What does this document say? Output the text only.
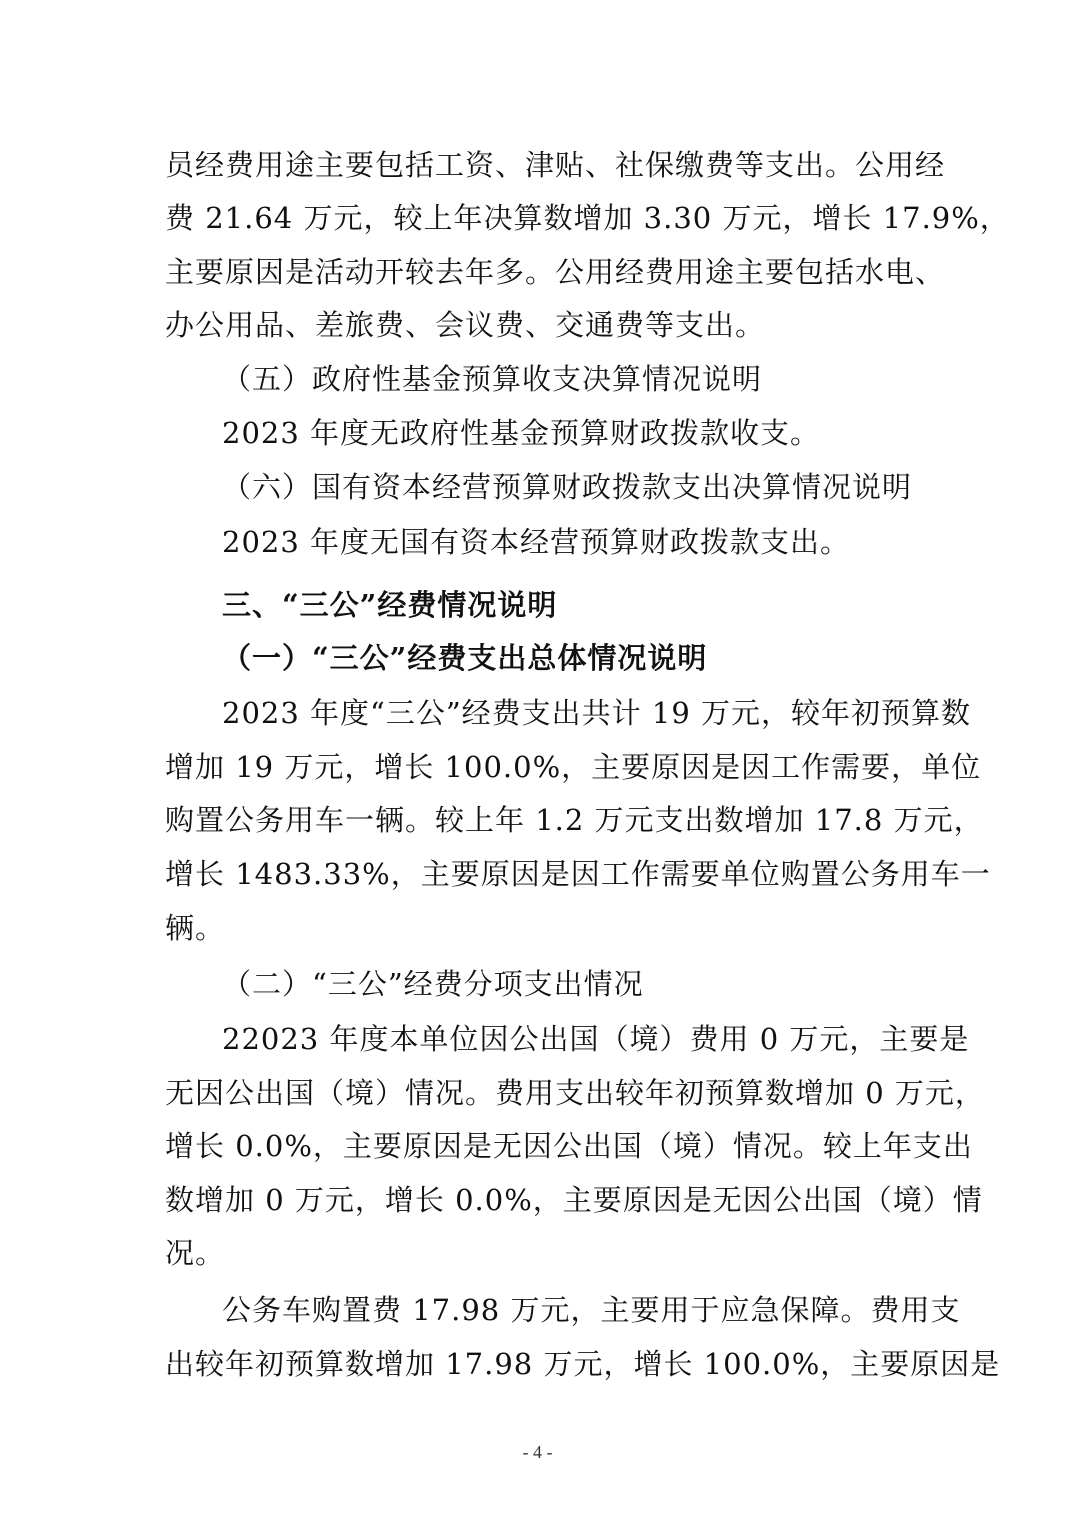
员经费用途主要包括工资、津贴、社保缴费等支出。公用经
费 21.64 万元，较上年决算数增加 3.30 万元，增长 17.9%，
主要原因是活动开较去年多。公用经费用途主要包括水电、
办公用品、差旅费、会议费、交通费等支出。
（五）政府性基金预算收支决算情况说明
2023 年度无政府性基金预算财政拨款收支。
（六）国有资本经营预算财政拨款支出决算情况说明
2023 年度无国有资本经营预算财政拨款支出。
三、“三公”经费情况说明
（一）“三公”经费支出总体情况说明
2023 年度“三公”经费支出共计 19 万元，较年初预算数
增加 19 万元，增长 100.0%，主要原因是因工作需要，单位
购置公务用车一辆。较上年 1.2 万元支出数增加 17.8 万元，
增长 1483.33%，主要原因是因工作需要单位购置公务用车一
辆。
（二）“三公”经费分项支出情况
22023 年度本单位因公出国（境）费用 0 万元，主要是
无因公出国（境）情况。费用支出较年初预算数增加 0 万元，
增长 0.0%，主要原因是无因公出国（境）情况。较上年支出
数增加 0 万元，增长 0.0%，主要原因是无因公出国（境）情
况。
公务车购置费 17.98 万元，主要用于应急保障。费用支
出较年初预算数增加 17.98 万元，增长 100.0%，主要原因是
- 4 -
